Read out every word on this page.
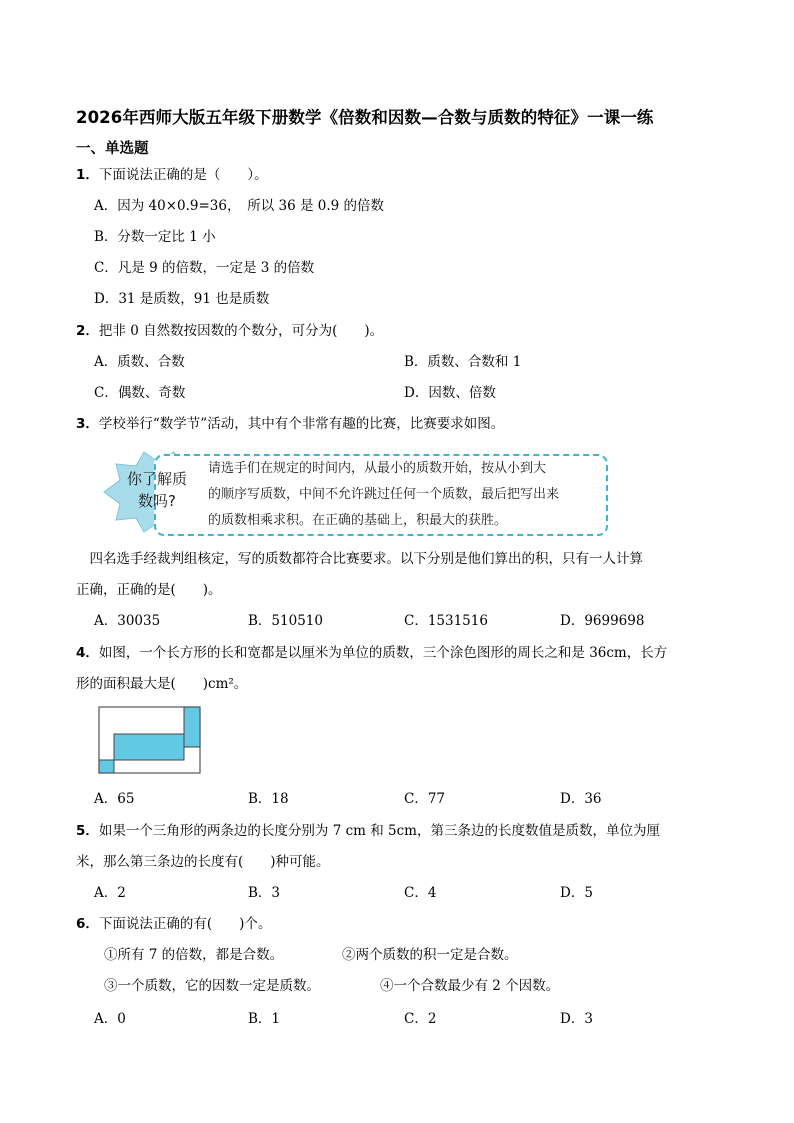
2026年西师大版五年级下册数学《倍数和因数—合数与质数的特征》一课一练
一、单选题
1．下面说法正确的是（　　）。
A．因为 40×0.9=36，　所以 36 是 0.9 的倍数
B．分数一定比 1 小
C．凡是 9 的倍数，一定是 3 的倍数
D．31 是质数，91 也是质数
2．把非 0 自然数按因数的个数分，可分为(　　)。
A．质数、合数	B．质数、合数和 1
C．偶数、奇数	D．因数、倍数
3．学校举行“数学节”活动，其中有个非常有趣的比赛，比赛要求如图。
你了解质
数吗?
请选手们在规定的时间内，从最小的质数开始，按从小到大
的顺序写质数，中间不允许跳过任何一个质数，最后把写出来
的质数相乘求积。在正确的基础上，积最大的获胜。
　四名选手经裁判组核定，写的质数都符合比赛要求。以下分别是他们算出的积，只有一人计算
正确，正确的是(　　)。
A．30035	B．510510	C．1531516	D．9699698
4．如图，一个长方形的长和宽都是以厘米为单位的质数，三个涂色图形的周长之和是 36cm，长方
形的面积最大是(　　)cm²。
A．65	B．18	C．77	D．36
5．如果一个三角形的两条边的长度分别为 7 cm 和 5cm，第三条边的长度数值是质数，单位为厘
米，那么第三条边的长度有(　　)种可能。
A．2	B．3	C．4	D．5
6．下面说法正确的有(　　)个。
①所有 7 的倍数，都是合数。	②两个质数的积一定是合数。
③一个质数，它的因数一定是质数。	④一个合数最少有 2 个因数。
A．0	B．1	C．2	D．3
